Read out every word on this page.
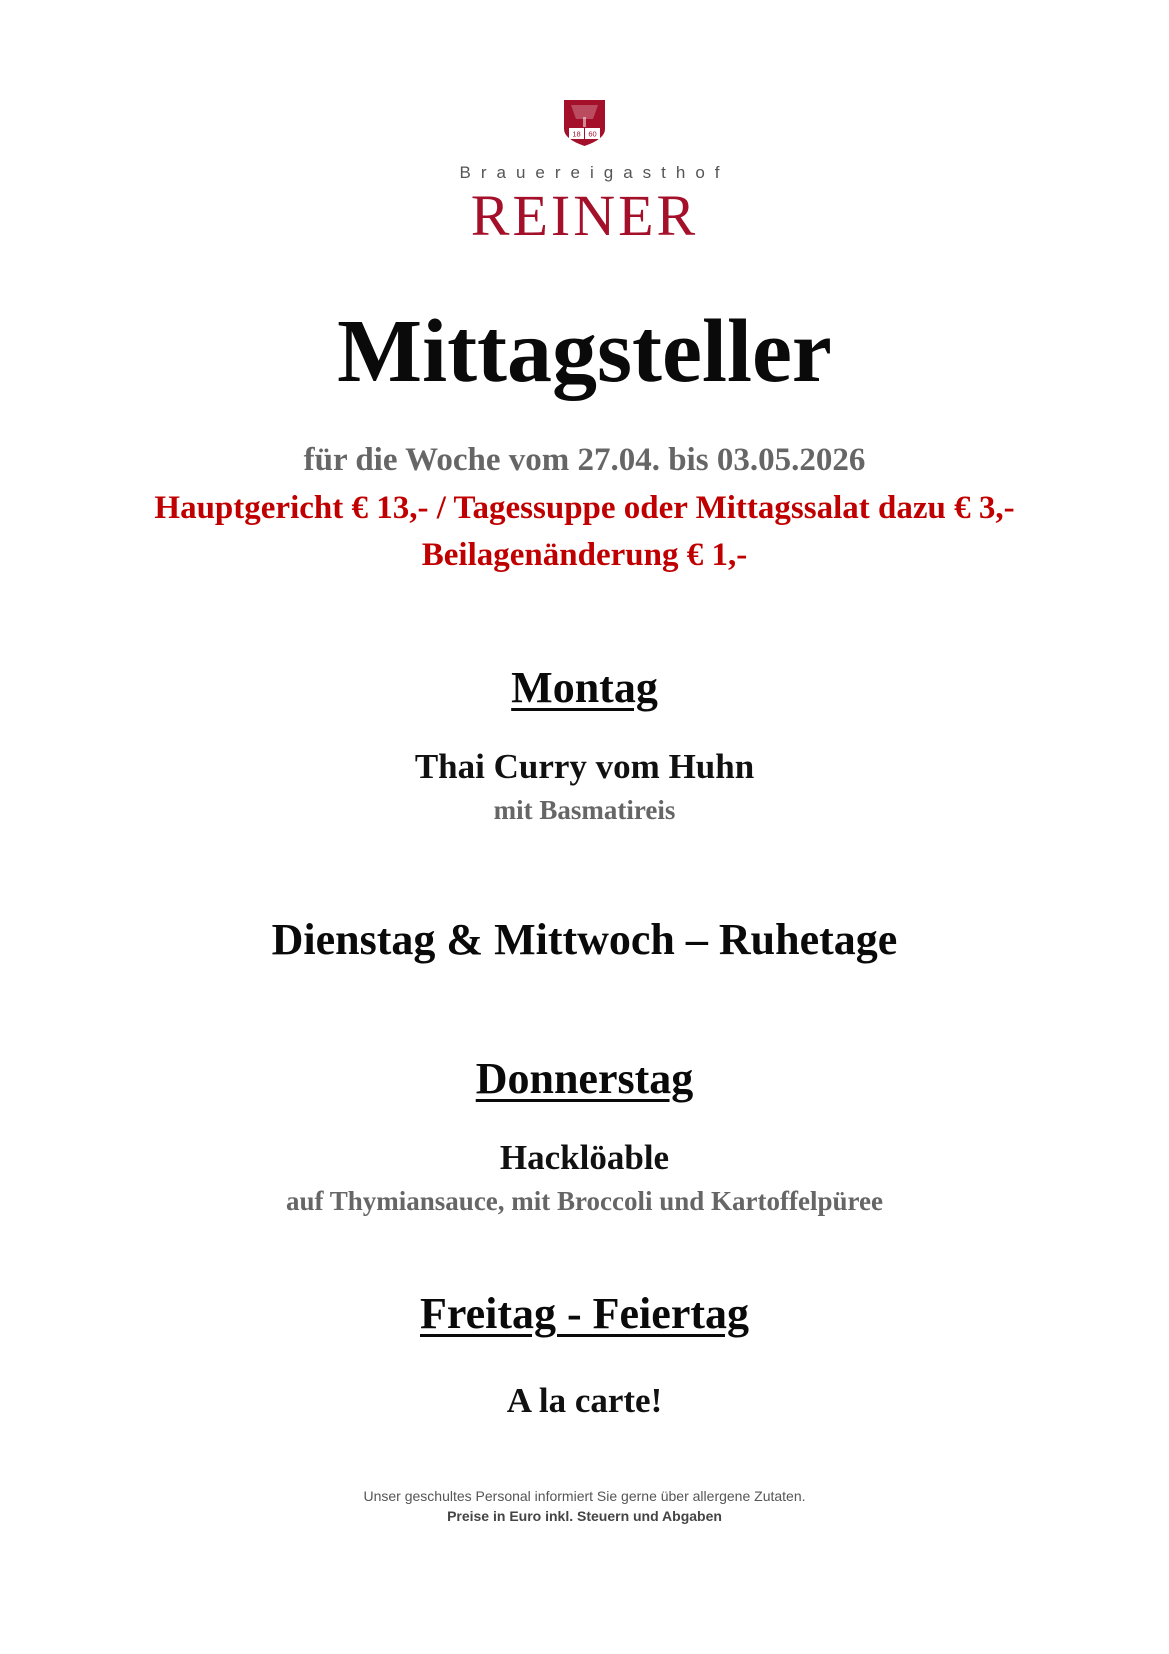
18 60
Brauereigasthof
REINER
Mittagsteller
für die Woche vom 27.04. bis 03.05.2026
Hauptgericht € 13,- / Tagessuppe oder Mittagssalat dazu € 3,-
Beilagenänderung € 1,-
Montag
Thai Curry vom Huhn
mit Basmatireis
Dienstag & Mittwoch – Ruhetage
Donnerstag
Hacklöable
auf Thymiansauce, mit Broccoli und Kartoffelpüree
Freitag - Feiertag
A la carte!
Unser geschultes Personal informiert Sie gerne über allergene Zutaten.
Preise in Euro inkl. Steuern und Abgaben
